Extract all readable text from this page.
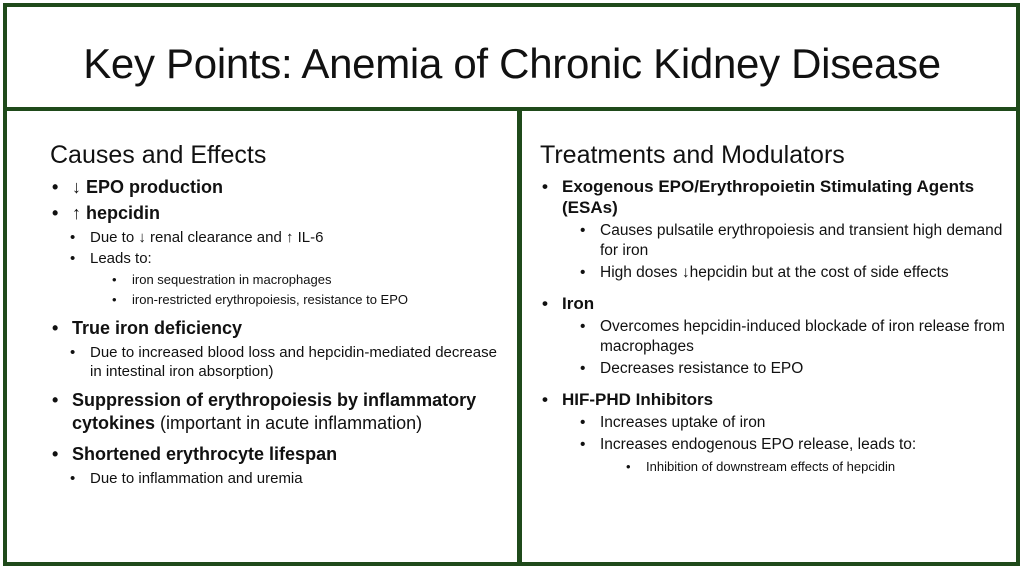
Key Points: Anemia of Chronic Kidney Disease
Causes and Effects
• ↓ EPO production
• ↑ hepcidin
• Due to ↓ renal clearance and ↑ IL-6
• Leads to:
• iron sequestration in macrophages
• iron-restricted erythropoiesis, resistance to EPO
• True iron deficiency
• Due to increased blood loss and hepcidin-mediated decrease in intestinal iron absorption)
• Suppression of erythropoiesis by inflammatory cytokines (important in acute inflammation)
• Shortened erythrocyte lifespan
• Due to inflammation and uremia
Treatments and Modulators
• Exogenous EPO/Erythropoietin Stimulating Agents (ESAs)
• Causes pulsatile erythropoiesis and transient high demand for iron
• High doses ↓hepcidin but at the cost of side effects
• Iron
• Overcomes hepcidin-induced blockade of iron release from macrophages
• Decreases resistance to EPO
• HIF-PHD Inhibitors
• Increases uptake of iron
• Increases endogenous EPO release, leads to:
• Inhibition of downstream effects of hepcidin
